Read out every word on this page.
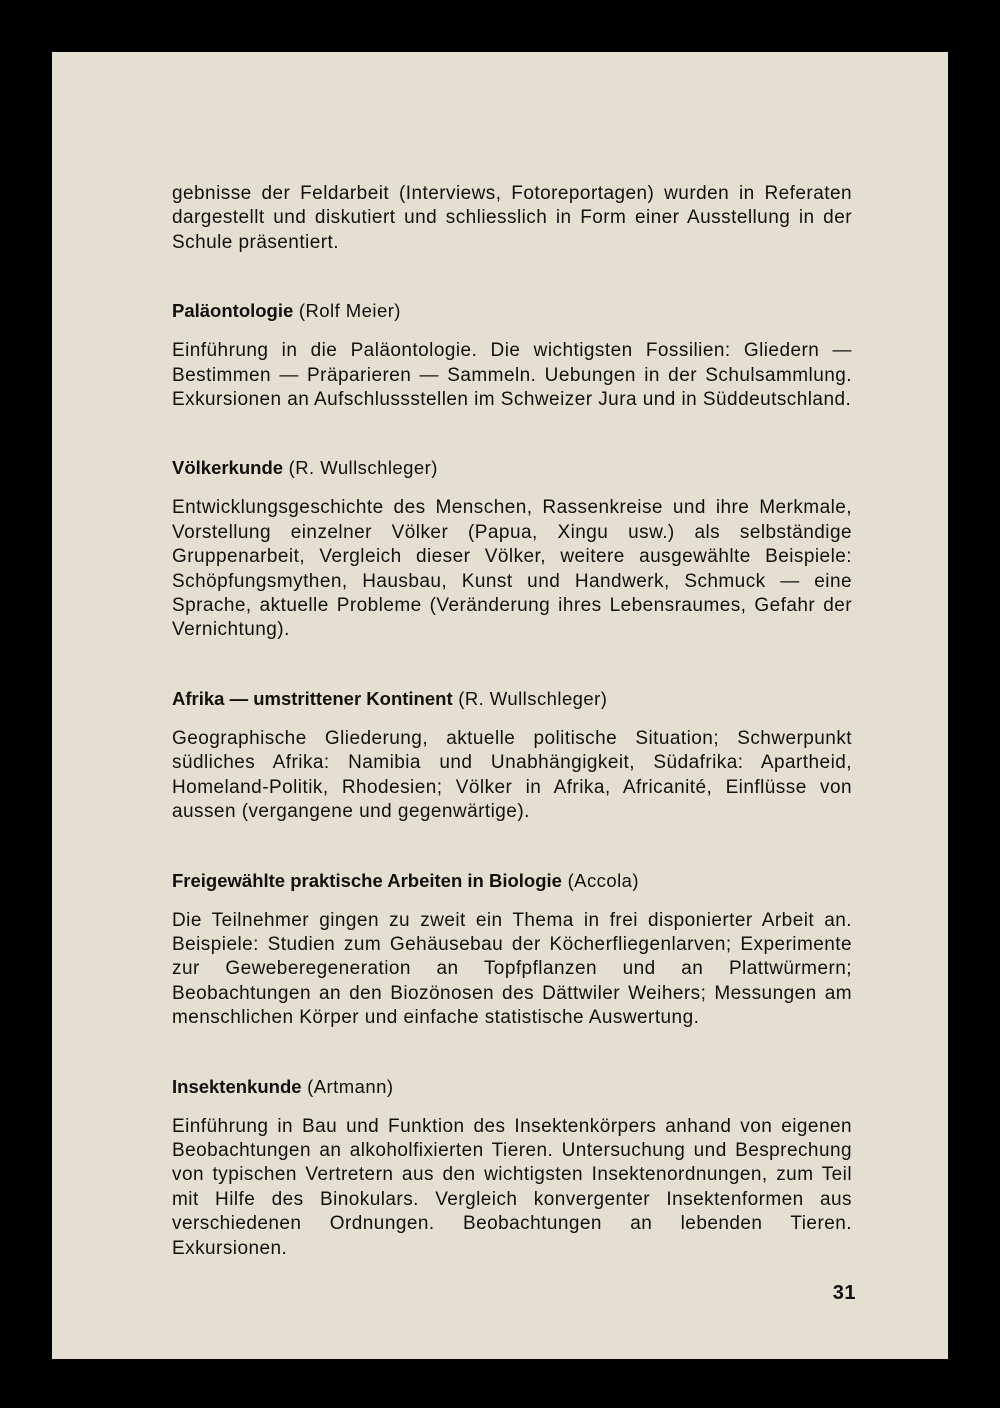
gebnisse der Feldarbeit (Interviews, Fotoreportagen) wurden in Referaten dargestellt und diskutiert und schliesslich in Form einer Ausstellung in der Schule präsentiert.

Paläontologie (Rolf Meier)

Einführung in die Paläontologie. Die wichtigsten Fossilien: Gliedern — Bestimmen — Präparieren — Sammeln. Uebungen in der Schulsammlung. Exkursionen an Aufschlussstellen im Schweizer Jura und in Süddeutschland.

Völkerkunde (R. Wullschleger)

Entwicklungsgeschichte des Menschen, Rassenkreise und ihre Merkmale, Vorstellung einzelner Völker (Papua, Xingu usw.) als selbständige Gruppenarbeit, Vergleich dieser Völker, weitere ausgewählte Beispiele: Schöpfungsmythen, Hausbau, Kunst und Handwerk, Schmuck — eine Sprache, aktuelle Probleme (Veränderung ihres Lebensraumes, Gefahr der Vernichtung).

Afrika — umstrittener Kontinent (R. Wullschleger)

Geographische Gliederung, aktuelle politische Situation; Schwerpunkt südliches Afrika: Namibia und Unabhängigkeit, Südafrika: Apartheid, Homeland-Politik, Rhodesien; Völker in Afrika, Africanité, Einflüsse von aussen (vergangene und gegenwärtige).

Freigewählte praktische Arbeiten in Biologie (Accola)

Die Teilnehmer gingen zu zweit ein Thema in frei disponierter Arbeit an. Beispiele: Studien zum Gehäusebau der Köcherfliegenlarven; Experimente zur Geweberegeneration an Topfpflanzen und an Plattwürmern; Beobachtungen an den Biozönosen des Dättwiler Weihers; Messungen am menschlichen Körper und einfache statistische Auswertung.

Insektenkunde (Artmann)

Einführung in Bau und Funktion des Insektenkörpers anhand von eigenen Beobachtungen an alkoholfixierten Tieren. Untersuchung und Besprechung von typischen Vertretern aus den wichtigsten Insektenordnungen, zum Teil mit Hilfe des Binokulars. Vergleich konvergenter Insektenformen aus verschiedenen Ordnungen. Beobachtungen an lebenden Tieren. Exkursionen.

31
